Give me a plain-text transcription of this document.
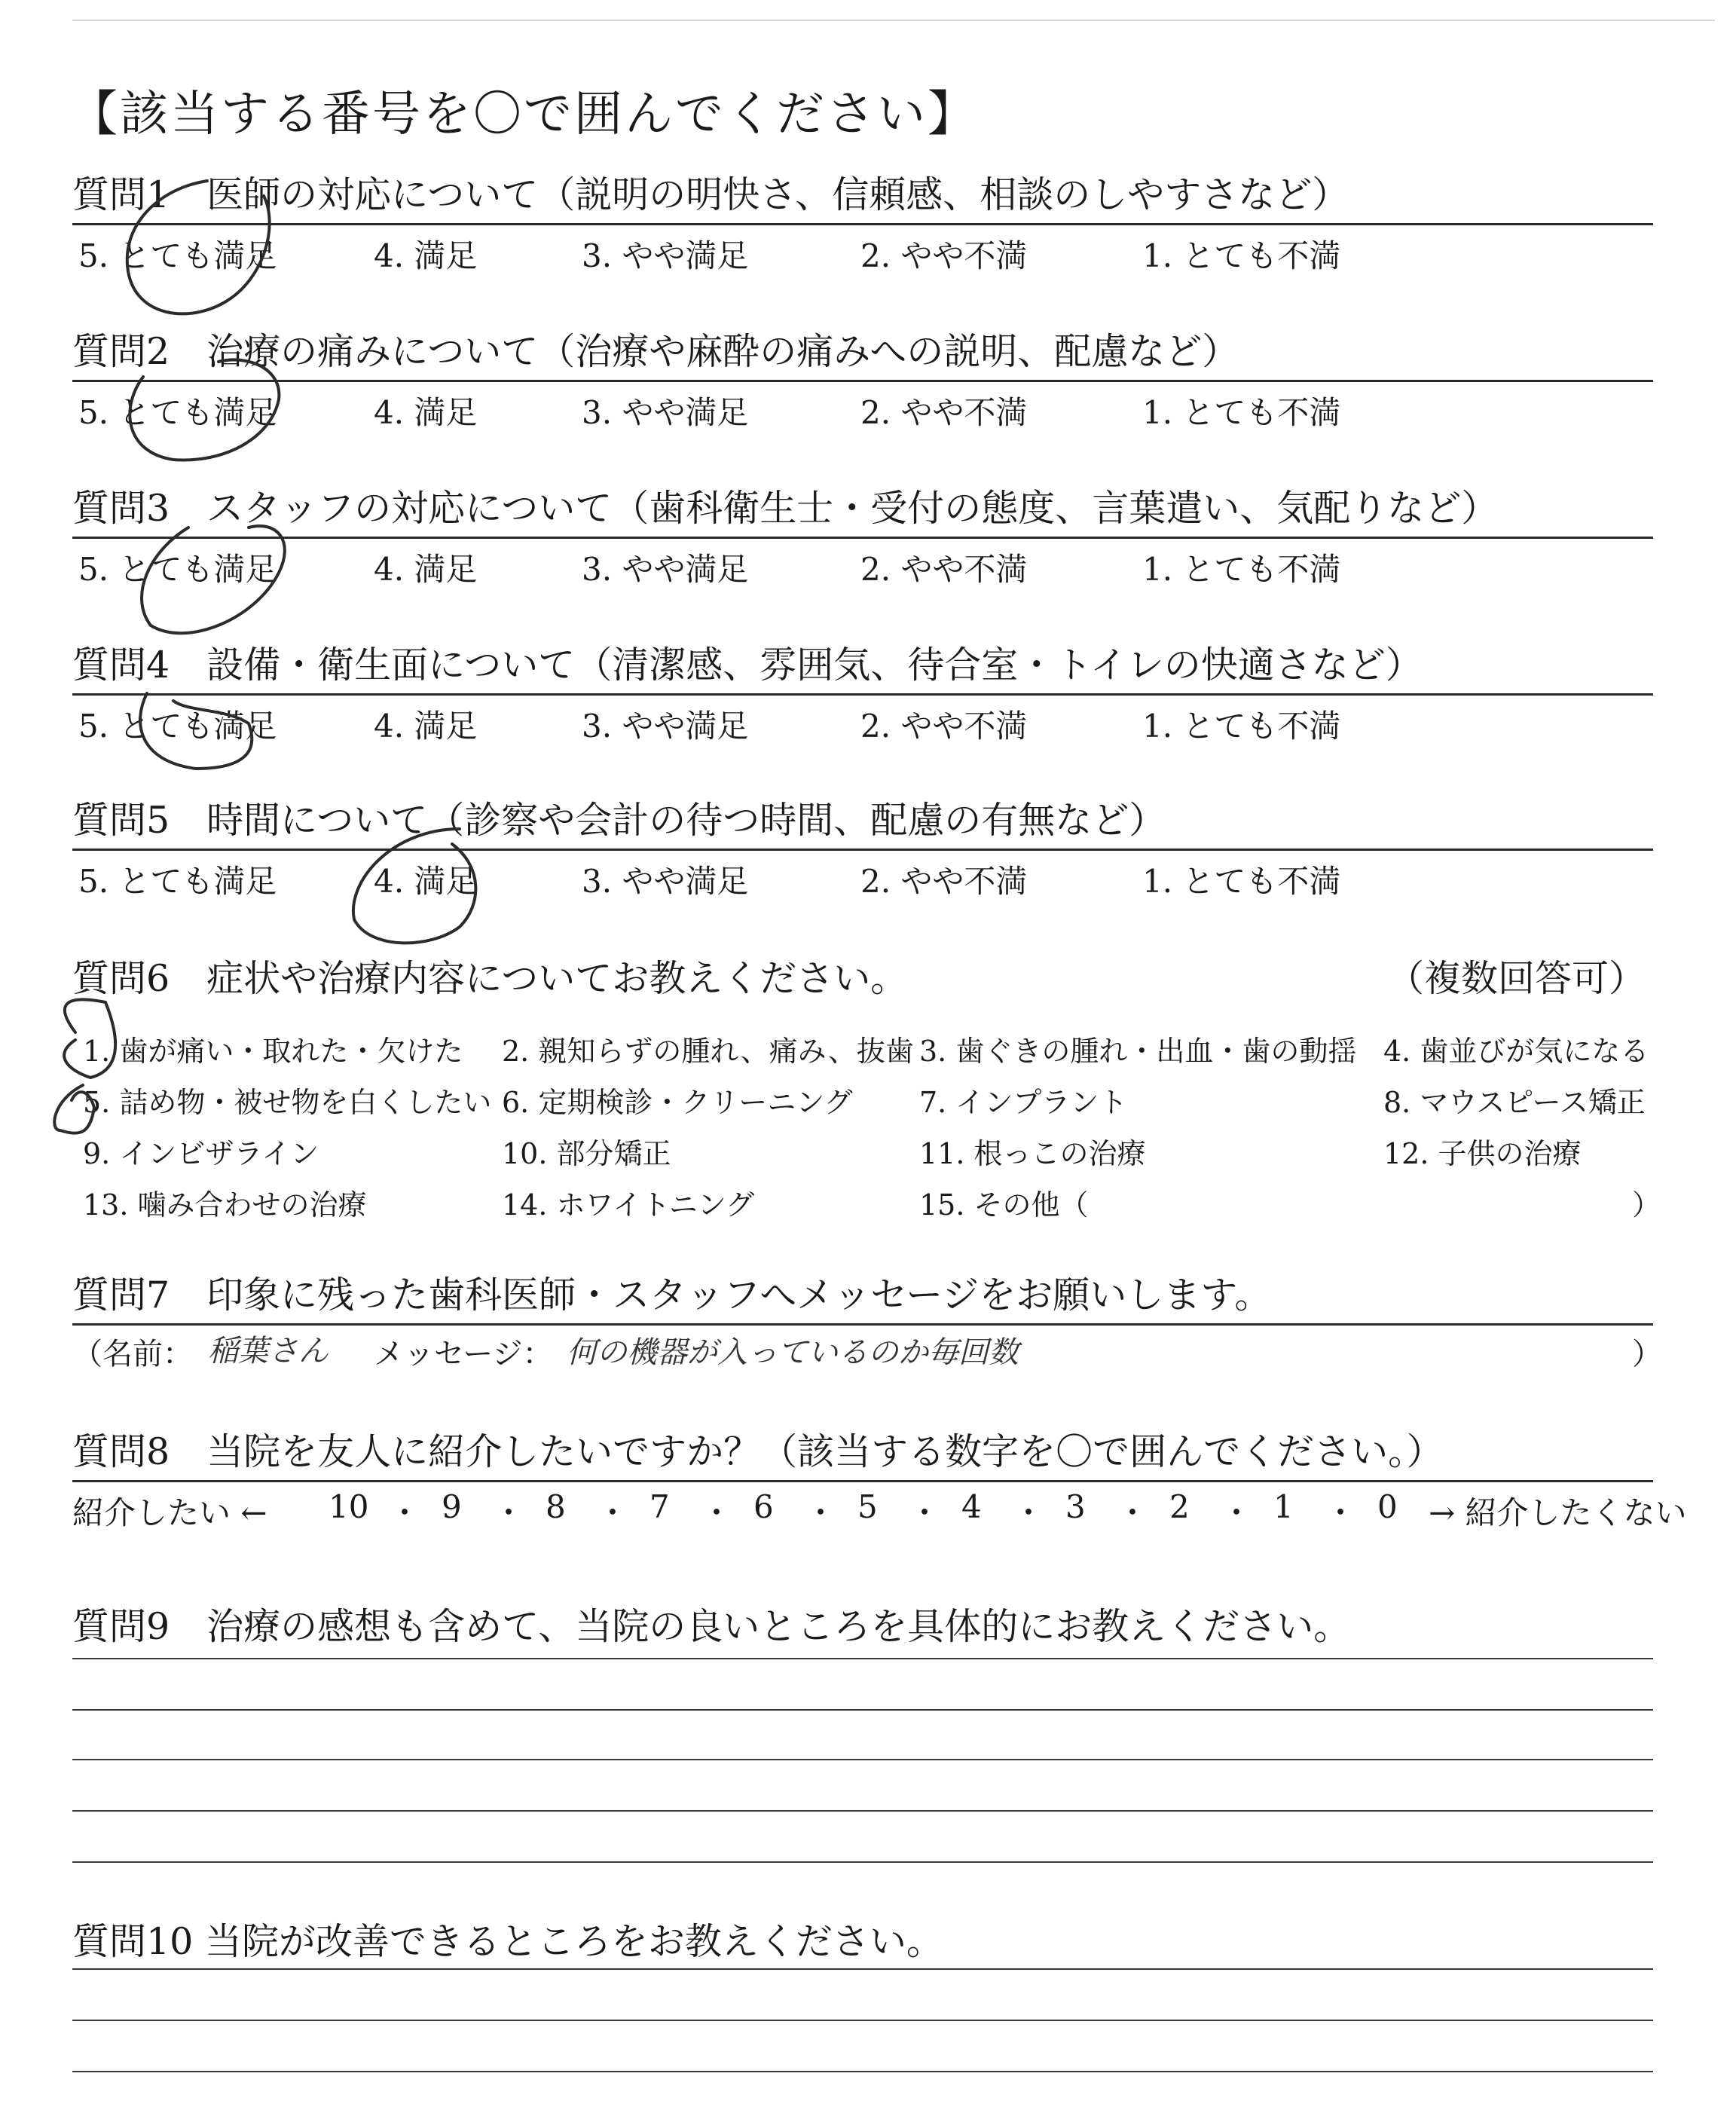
【該当する番号を〇で囲んでください】
質問1　医師の対応について（説明の明快さ、信頼感、相談のしやすさなど）
5. とても満足	4. 満足	3. やや満足	2. やや不満	1. とても不満
質問2　治療の痛みについて（治療や麻酔の痛みへの説明、配慮など）
5. とても満足	4. 満足	3. やや満足	2. やや不満	1. とても不満
質問3　スタッフの対応について（歯科衛生士・受付の態度、言葉遣い、気配りなど）
5. とても満足	4. 満足	3. やや満足	2. やや不満	1. とても不満
質問4　設備・衛生面について（清潔感、雰囲気、待合室・トイレの快適さなど）
5. とても満足	4. 満足	3. やや満足	2. やや不満	1. とても不満
質問5　時間について（診察や会計の待つ時間、配慮の有無など）
5. とても満足	4. 満足	3. やや満足	2. やや不満	1. とても不満
質問6　症状や治療内容についてお教えください。	（複数回答可）
1. 歯が痛い・取れた・欠けた 2. 親知らずの腫れ、痛み、抜歯 3. 歯ぐきの腫れ・出血・歯の動揺 4. 歯並びが気になる
5. 詰め物・被せ物を白くしたい 6. 定期検診・クリーニング 7. インプラント	8. マウスピース矯正
9. インビザライン	10. 部分矯正	11. 根っこの治療	12. 子供の治療
13. 噛み合わせの治療	14. ホワイトニング	15. その他（	）
質問7　印象に残った歯科医師・スタッフへメッセージをお願いします。
（名前： 稲葉さん メッセージ： 何の機器が入っているのか毎回数	）
質問8　当院を友人に紹介したいですか？（該当する数字を〇で囲んでください。）
紹介したい ← 10 ・ 9 ・ 8 ・ 7 ・ 6 ・ 5 ・ 4 ・ 3 ・ 2 ・ 1 ・ 0 → 紹介したくない
質問9　治療の感想も含めて、当院の良いところを具体的にお教えください。
質問10 当院が改善できるところをお教えください。
